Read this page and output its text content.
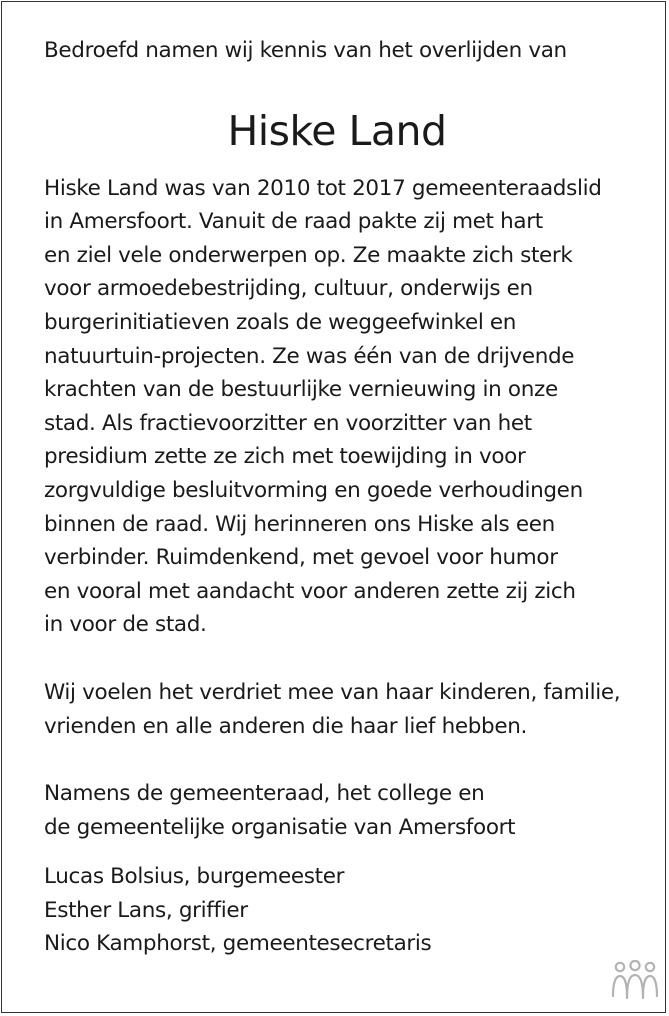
Bedroefd namen wij kennis van het overlijden van

Hiske Land

Hiske Land was van 2010 tot 2017 gemeenteraadslid
in Amersfoort. Vanuit de raad pakte zij met hart
en ziel vele onderwerpen op. Ze maakte zich sterk
voor armoedebestrijding, cultuur, onderwijs en
burgerinitiatieven zoals de weggeefwinkel en
natuurtuin-projecten. Ze was één van de drijvende
krachten van de bestuurlijke vernieuwing in onze
stad. Als fractievoorzitter en voorzitter van het
presidium zette ze zich met toewijding in voor
zorgvuldige besluitvorming en goede verhoudingen
binnen de raad. Wij herinneren ons Hiske als een
verbinder. Ruimdenkend, met gevoel voor humor
en vooral met aandacht voor anderen zette zij zich
in voor de stad.

Wij voelen het verdriet mee van haar kinderen, familie,
vrienden en alle anderen die haar lief hebben.

Namens de gemeenteraad, het college en
de gemeentelijke organisatie van Amersfoort

Lucas Bolsius, burgemeester
Esther Lans, griffier
Nico Kamphorst, gemeentesecretaris
